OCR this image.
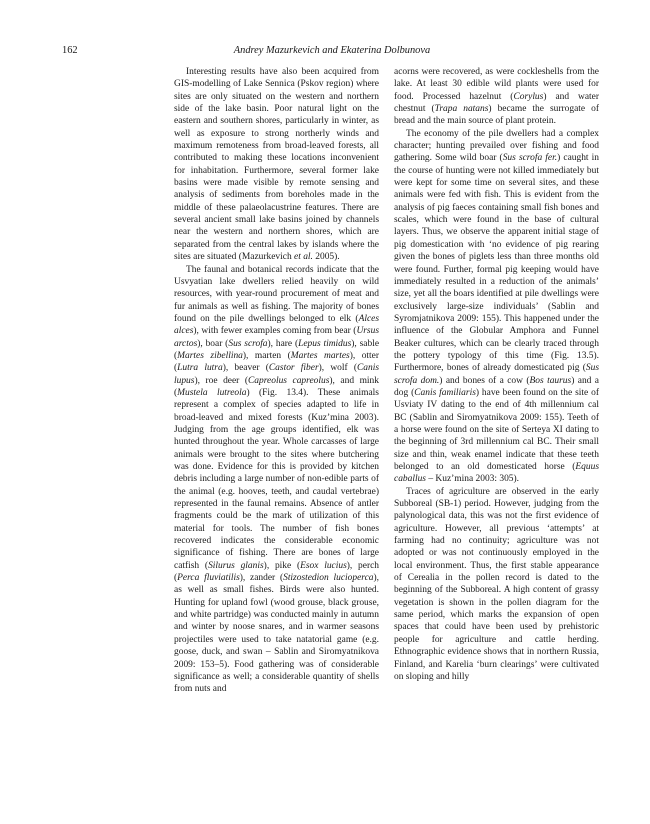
162	Andrey Mazurkevich and Ekaterina Dolbunova

Interesting results have also been acquired from GIS-modelling of Lake Sennica (Pskov region) where sites are only situated on the western and northern side of the lake basin. Poor natural light on the eastern and southern shores, particularly in winter, as well as exposure to strong northerly winds and maximum remoteness from broad-leaved forests, all contributed to making these locations inconvenient for inhabitation. Furthermore, several former lake basins were made visible by remote sensing and analysis of sediments from boreholes made in the middle of these palaeolacustrine features. There are several ancient small lake basins joined by channels near the western and northern shores, which are separated from the central lakes by islands where the sites are situated (Mazurkevich et al. 2005).

The faunal and botanical records indicate that the Usvyatian lake dwellers relied heavily on wild resources, with year-round procurement of meat and fur animals as well as fishing. The majority of bones found on the pile dwellings belonged to elk (Alces alces), with fewer examples coming from bear (Ursus arctos), boar (Sus scrofa), hare (Lepus timidus), sable (Martes zibellina), marten (Martes martes), otter (Lutra lutra), beaver (Castor fiber), wolf (Canis lupus), roe deer (Capreolus capreolus), and mink (Mustela lutreola) (Fig. 13.4). These animals represent a complex of species adapted to life in broad-leaved and mixed forests (Kuz’mina 2003). Judging from the age groups identified, elk was hunted throughout the year. Whole carcasses of large animals were brought to the sites where butchering was done. Evidence for this is provided by kitchen debris including a large number of non-edible parts of the animal (e.g. hooves, teeth, and caudal vertebrae) represented in the faunal remains. Absence of antler fragments could be the mark of utilization of this material for tools. The number of fish bones recovered indicates the considerable economic significance of fishing. There are bones of large catfish (Silurus glanis), pike (Esox lucius), perch (Perca fluviatilis), zander (Stizostedion lucioperca), as well as small fishes. Birds were also hunted. Hunting for upland fowl (wood grouse, black grouse, and white partridge) was conducted mainly in autumn and winter by noose snares, and in warmer seasons projectiles were used to take natatorial game (e.g. goose, duck, and swan – Sablin and Siromyatnikova 2009: 153–5). Food gathering was of considerable significance as well; a considerable quantity of shells from nuts and

acorns were recovered, as were cockleshells from the lake. At least 30 edible wild plants were used for food. Processed hazelnut (Corylus) and water chestnut (Trapa natans) became the surrogate of bread and the main source of plant protein.

The economy of the pile dwellers had a complex character; hunting prevailed over fishing and food gathering. Some wild boar (Sus scrofa fer.) caught in the course of hunting were not killed immediately but were kept for some time on several sites, and these animals were fed with fish. This is evident from the analysis of pig faeces containing small fish bones and scales, which were found in the base of cultural layers. Thus, we observe the apparent initial stage of pig domestication with ‘no evidence of pig rearing given the bones of piglets less than three months old were found. Further, formal pig keeping would have immediately resulted in a reduction of the animals’ size, yet all the boars identified at pile dwellings were exclusively large-size individuals’ (Sablin and Syromjatnikova 2009: 155). This happened under the influence of the Globular Amphora and Funnel Beaker cultures, which can be clearly traced through the pottery typology of this time (Fig. 13.5). Furthermore, bones of already domesticated pig (Sus scrofa dom.) and bones of a cow (Bos taurus) and a dog (Canis familiaris) have been found on the site of Usviaty IV dating to the end of 4th millennium cal BC (Sablin and Siromyatnikova 2009: 155). Teeth of a horse were found on the site of Serteya XI dating to the beginning of 3rd millennium cal BC. Their small size and thin, weak enamel indicate that these teeth belonged to an old domesticated horse (Equus caballus – Kuz’mina 2003: 305).

Traces of agriculture are observed in the early Subboreal (SB-1) period. However, judging from the palynological data, this was not the first evidence of agriculture. However, all previous ‘attempts’ at farming had no continuity; agriculture was not adopted or was not continuously employed in the local environment. Thus, the first stable appearance of Cerealia in the pollen record is dated to the beginning of the Subboreal. A high content of grassy vegetation is shown in the pollen diagram for the same period, which marks the expansion of open spaces that could have been used by prehistoric people for agriculture and cattle herding. Ethnographic evidence shows that in northern Russia, Finland, and Karelia ‘burn clearings’ were cultivated on sloping and hilly
